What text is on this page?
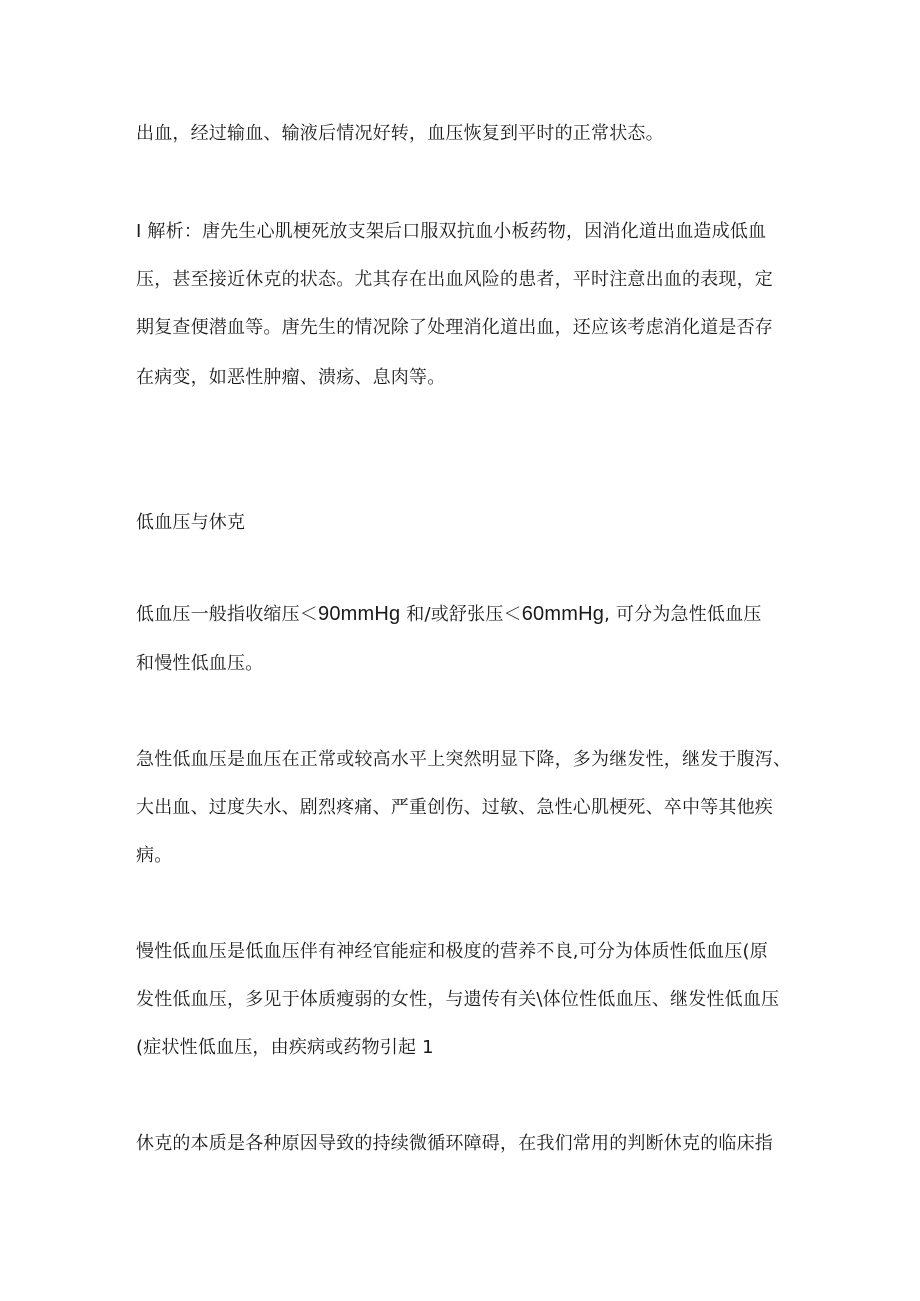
出血，经过输血、输液后情况好转，血压恢复到平时的正常状态。
I 解析：唐先生心肌梗死放支架后口服双抗血小板药物，因消化道出血造成低血
压，甚至接近休克的状态。尤其存在出血风险的患者，平时注意出血的表现，定
期复查便潜血等。唐先生的情况除了处理消化道出血，还应该考虑消化道是否存
在病变，如恶性肿瘤、溃疡、息肉等。
低血压与休克
低血压一般指收缩压＜90mmHg 和/或舒张压＜60mmHg, 可分为急性低血压
和慢性低血压。
急性低血压是血压在正常或较高水平上突然明显下降，多为继发性，继发于腹泻、
大出血、过度失水、剧烈疼痛、严重创伤、过敏、急性心肌梗死、卒中等其他疾
病。
慢性低血压是低血压伴有神经官能症和极度的营养不良,可分为体质性低血压(原
发性低血压，多见于体质瘦弱的女性，与遗传有关\体位性低血压、继发性低血压
(症状性低血压，由疾病或药物引起 1
休克的本质是各种原因导致的持续微循环障碍，在我们常用的判断休克的临床指
